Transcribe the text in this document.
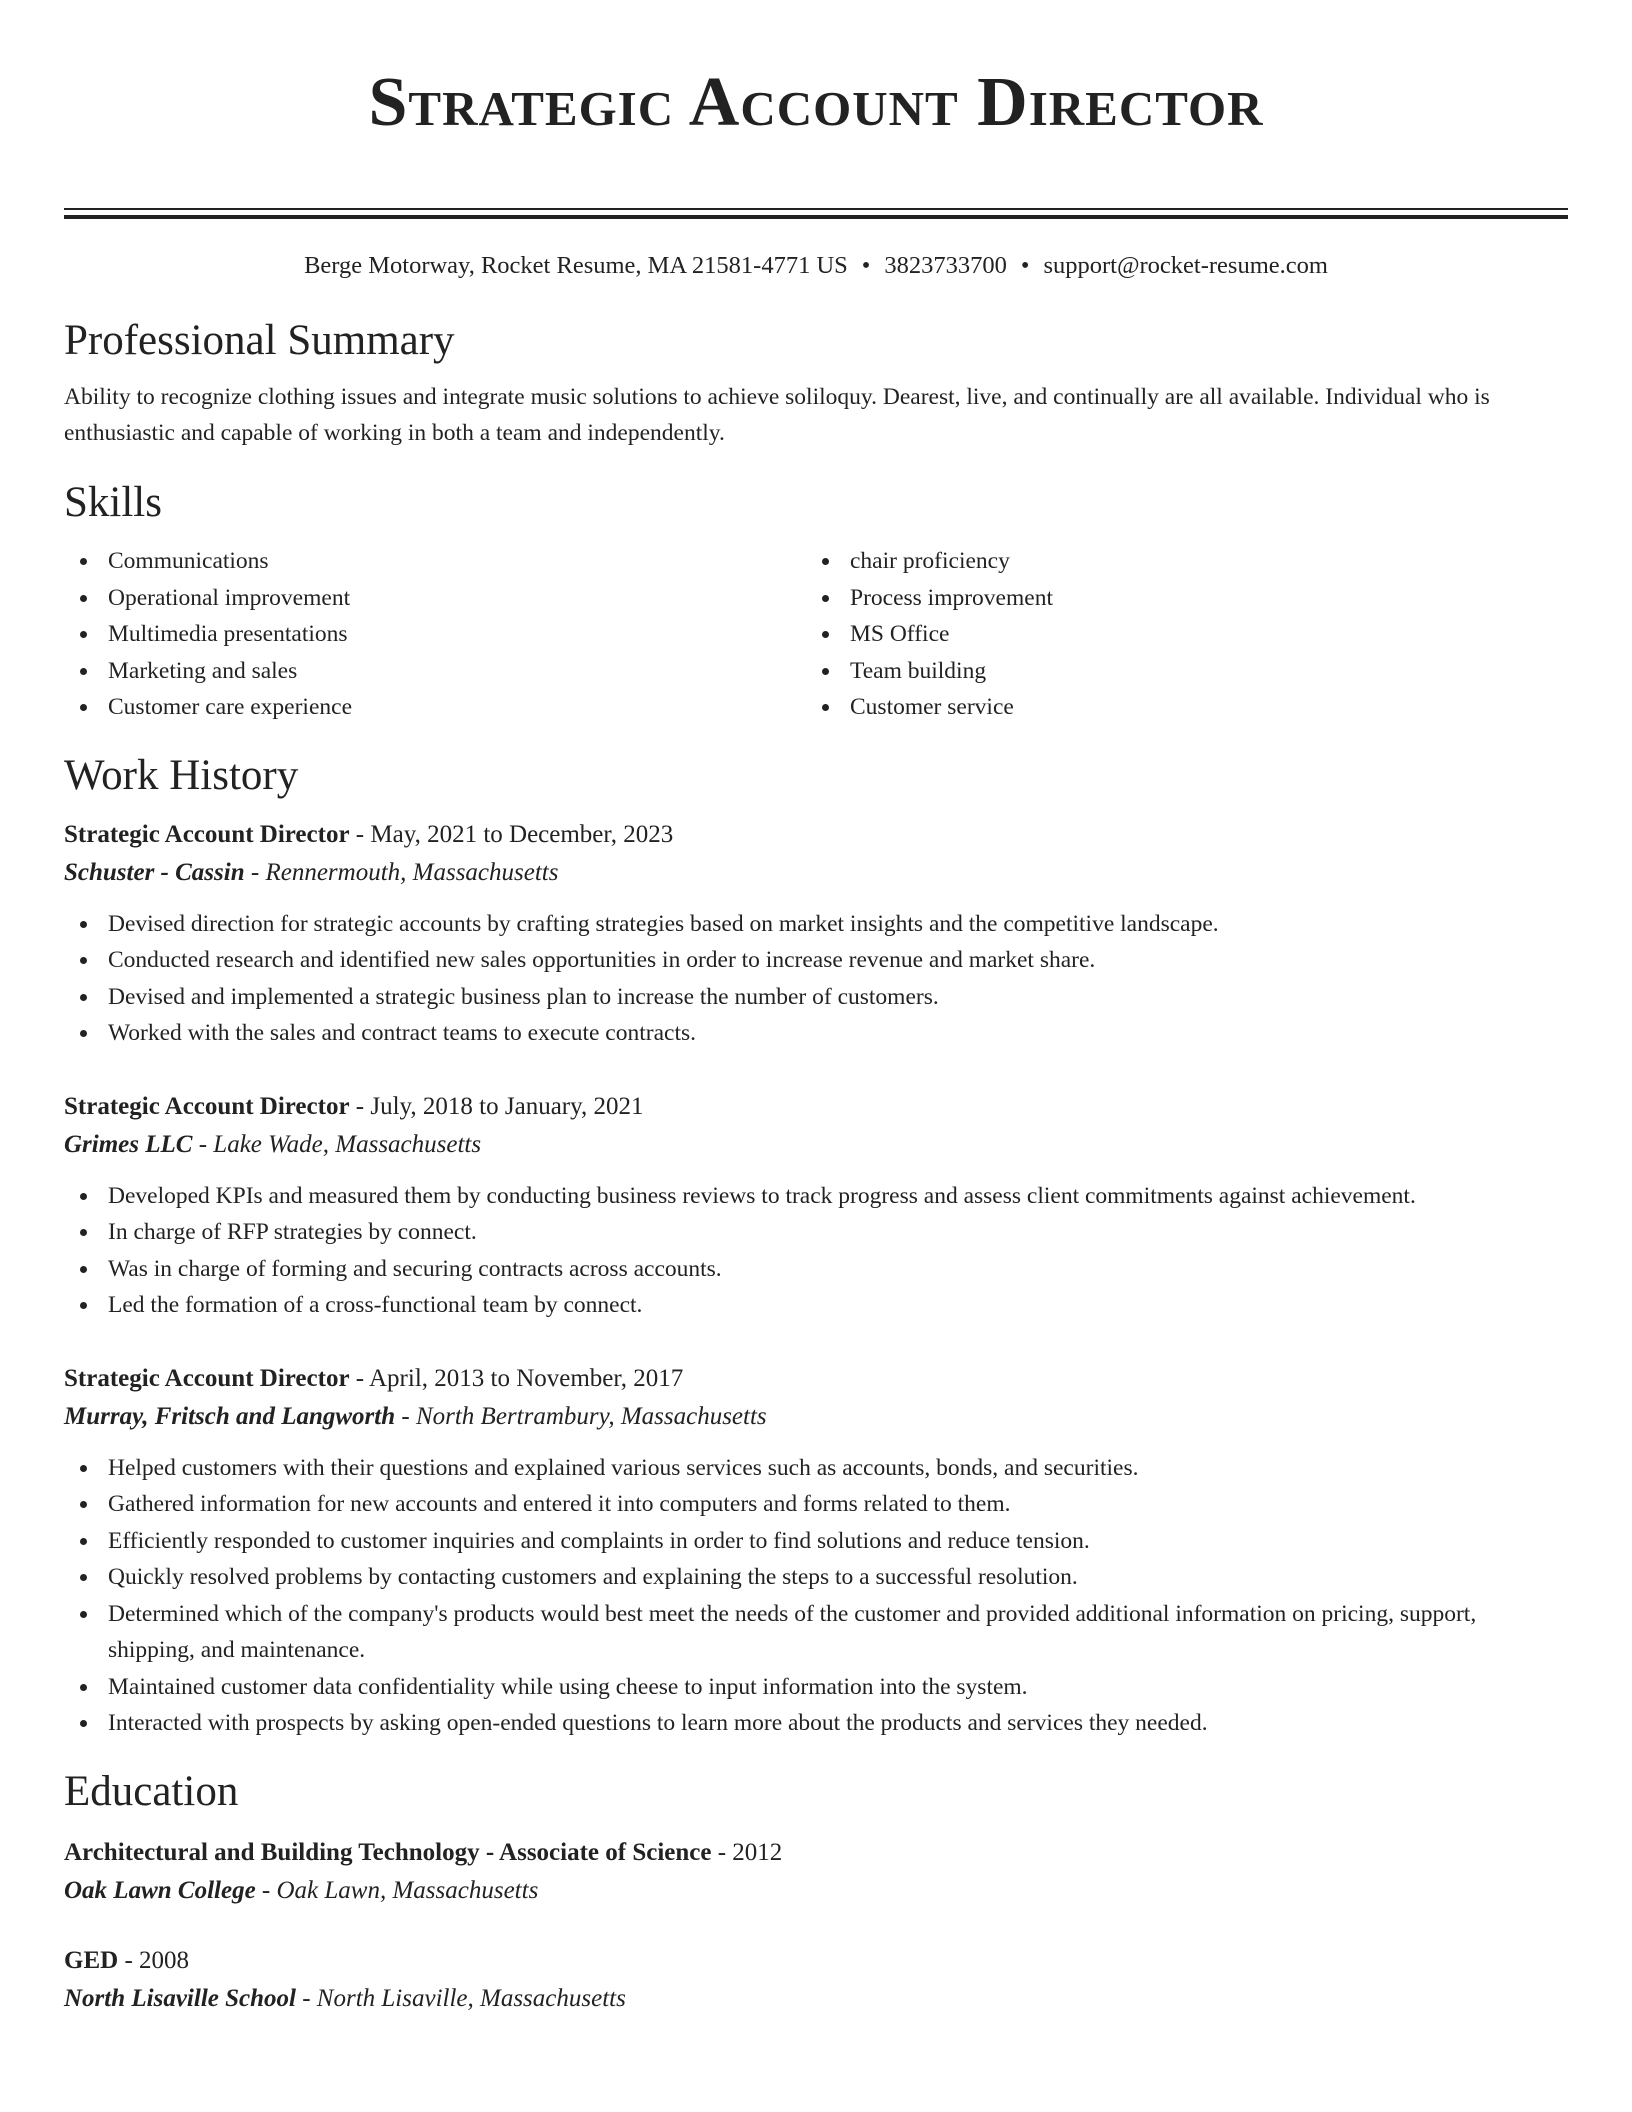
Strategic Account Director
Berge Motorway, Rocket Resume, MA 21581-4771 US • 3823733700 • support@rocket-resume.com
Professional Summary

Ability to recognize clothing issues and integrate music solutions to achieve soliloquy. Dearest, live, and continually are all available. Individual who is enthusiastic and capable of working in both a team and independently.

Skills
Communications
Operational improvement
Multimedia presentations
Marketing and sales
Customer care experience
chair proficiency
Process improvement
MS Office
Team building
Customer service
Work History
Strategic Account Director - May, 2021 to December, 2023
Schuster - Cassin - Rennermouth, Massachusetts
Devised direction for strategic accounts by crafting strategies based on market insights and the competitive landscape.
Conducted research and identified new sales opportunities in order to increase revenue and market share.
Devised and implemented a strategic business plan to increase the number of customers.
Worked with the sales and contract teams to execute contracts.
Strategic Account Director - July, 2018 to January, 2021
Grimes LLC - Lake Wade, Massachusetts
Developed KPIs and measured them by conducting business reviews to track progress and assess client commitments against achievement.
In charge of RFP strategies by connect.
Was in charge of forming and securing contracts across accounts.
Led the formation of a cross-functional team by connect.
Strategic Account Director - April, 2013 to November, 2017
Murray, Fritsch and Langworth - North Bertrambury, Massachusetts
Helped customers with their questions and explained various services such as accounts, bonds, and securities.
Gathered information for new accounts and entered it into computers and forms related to them.
Efficiently responded to customer inquiries and complaints in order to find solutions and reduce tension.
Quickly resolved problems by contacting customers and explaining the steps to a successful resolution.
Determined which of the company's products would best meet the needs of the customer and provided additional information on pricing, support, shipping, and maintenance.
Maintained customer data confidentiality while using cheese to input information into the system.
Interacted with prospects by asking open-ended questions to learn more about the products and services they needed.
Education
Architectural and Building Technology - Associate of Science - 2012
Oak Lawn College - Oak Lawn, Massachusetts
GED - 2008
North Lisaville School - North Lisaville, Massachusetts
